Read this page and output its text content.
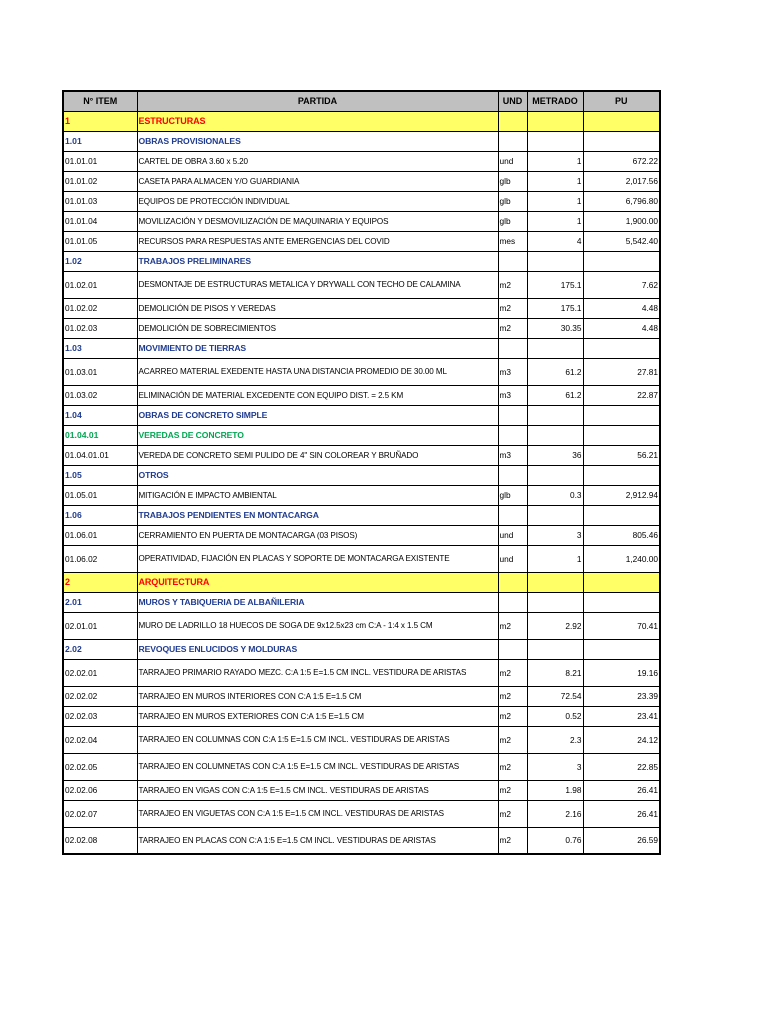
N° ITEM	PARTIDA	UND	METRADO	PU
1	ESTRUCTURAS			
1.01	OBRAS PROVISIONALES			
01.01.01	CARTEL DE OBRA 3.60 x 5.20	und	1	672.22
01.01.02	CASETA PARA ALMACEN Y/O GUARDIANIA	glb	1	2,017.56
01.01.03	EQUIPOS DE PROTECCIÓN INDIVIDUAL	glb	1	6,796.80
01.01.04	MOVILIZACIÓN Y DESMOVILIZACIÓN DE MAQUINARIA Y EQUIPOS	glb	1	1,900.00
01.01.05	RECURSOS PARA RESPUESTAS ANTE EMERGENCIAS DEL COVID	mes	4	5,542.40
1.02	TRABAJOS PRELIMINARES			
01.02.01	DESMONTAJE DE ESTRUCTURAS METALICA Y DRYWALL CON TECHO DE CALAMINA	m2	175.1	7.62
01.02.02	DEMOLICIÓN DE PISOS Y VEREDAS	m2	175.1	4.48
01.02.03	DEMOLICIÓN DE SOBRECIMIENTOS	m2	30.35	4.48
1.03	MOVIMIENTO DE TIERRAS			
01.03.01	ACARREO MATERIAL EXEDENTE HASTA UNA DISTANCIA PROMEDIO DE 30.00 ML	m3	61.2	27.81
01.03.02	ELIMINACIÓN DE MATERIAL EXCEDENTE CON EQUIPO DIST. = 2.5 KM	m3	61.2	22.87
1.04	OBRAS DE CONCRETO SIMPLE			
01.04.01	VEREDAS DE CONCRETO			
01.04.01.01	VEREDA DE CONCRETO SEMI PULIDO DE 4" SIN COLOREAR Y BRUÑADO	m3	36	56.21
1.05	OTROS			
01.05.01	MITIGACIÓN E IMPACTO AMBIENTAL	glb	0.3	2,912.94
1.06	TRABAJOS PENDIENTES EN MONTACARGA			
01.06.01	CERRAMIENTO EN PUERTA DE MONTACARGA (03 PISOS)	und	3	805.46
01.06.02	OPERATIVIDAD, FIJACIÓN EN PLACAS Y SOPORTE DE MONTACARGA EXISTENTE	und	1	1,240.00
2	ARQUITECTURA			
2.01	MUROS Y TABIQUERIA DE ALBAÑILERIA			
02.01.01	MURO DE LADRILLO 18 HUECOS DE SOGA DE 9x12.5x23 cm C:A - 1:4 x 1.5 CM	m2	2.92	70.41
2.02	REVOQUES ENLUCIDOS Y MOLDURAS			
02.02.01	TARRAJEO PRIMARIO RAYADO MEZC. C:A 1:5 E=1.5 CM INCL. VESTIDURA DE ARISTAS	m2	8.21	19.16
02.02.02	TARRAJEO EN MUROS INTERIORES CON C:A 1:5 E=1.5 CM	m2	72.54	23.39
02.02.03	TARRAJEO EN MUROS EXTERIORES CON C:A 1:5 E=1.5 CM	m2	0.52	23.41
02.02.04	TARRAJEO EN COLUMNAS CON C:A 1:5 E=1.5 CM INCL. VESTIDURAS DE ARISTAS	m2	2.3	24.12
02.02.05	TARRAJEO EN COLUMNETAS CON C:A 1:5 E=1.5 CM INCL. VESTIDURAS DE ARISTAS	m2	3	22.85
02.02.06	TARRAJEO EN VIGAS CON C:A 1:5 E=1.5 CM INCL. VESTIDURAS DE ARISTAS	m2	1.98	26.41
02.02.07	TARRAJEO EN VIGUETAS CON C:A 1:5 E=1.5 CM INCL. VESTIDURAS DE ARISTAS	m2	2.16	26.41
02.02.08	TARRAJEO EN PLACAS CON C:A 1:5 E=1.5 CM INCL. VESTIDURAS DE ARISTAS	m2	0.76	26.59
